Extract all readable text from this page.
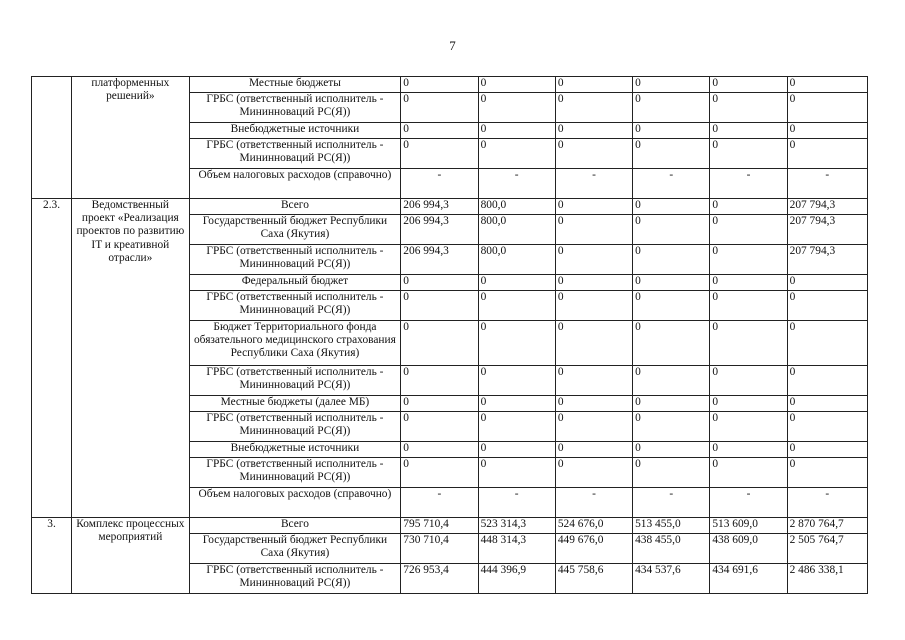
7
	платформенных решений»	Местные бюджеты	0	0	0	0	0	0
		ГРБС (ответственный исполнитель - Мининноваций РС(Я))	0	0	0	0	0	0
		Внебюджетные источники	0	0	0	0	0	0
		ГРБС (ответственный исполнитель - Мининноваций РС(Я))	0	0	0	0	0	0
		Объем налоговых расходов (справочно)	-	-	-	-	-	-
2.3.	Ведомственный проект «Реализация проектов по развитию IT и креативной отрасли»	Всего	206 994,3	800,0	0	0	0	207 794,3
		Государственный бюджет Республики Саха (Якутия)	206 994,3	800,0	0	0	0	207 794,3
		ГРБС (ответственный исполнитель - Мининноваций РС(Я))	206 994,3	800,0	0	0	0	207 794,3
		Федеральный бюджет	0	0	0	0	0	0
		ГРБС (ответственный исполнитель - Мининноваций РС(Я))	0	0	0	0	0	0
		Бюджет Территориального фонда обязательного медицинского страхования Республики Саха (Якутия)	0	0	0	0	0	0
		ГРБС (ответственный исполнитель - Мининноваций РС(Я))	0	0	0	0	0	0
		Местные бюджеты (далее МБ)	0	0	0	0	0	0
		ГРБС (ответственный исполнитель - Мининноваций РС(Я))	0	0	0	0	0	0
		Внебюджетные источники	0	0	0	0	0	0
		ГРБС (ответственный исполнитель - Мининноваций РС(Я))	0	0	0	0	0	0
		Объем налоговых расходов (справочно)	-	-	-	-	-	-
3.	Комплекс процессных мероприятий	Всего	795 710,4	523 314,3	524 676,0	513 455,0	513 609,0	2 870 764,7
		Государственный бюджет Республики Саха (Якутия)	730 710,4	448 314,3	449 676,0	438 455,0	438 609,0	2 505 764,7
		ГРБС (ответственный исполнитель - Мининноваций РС(Я))	726 953,4	444 396,9	445 758,6	434 537,6	434 691,6	2 486 338,1
